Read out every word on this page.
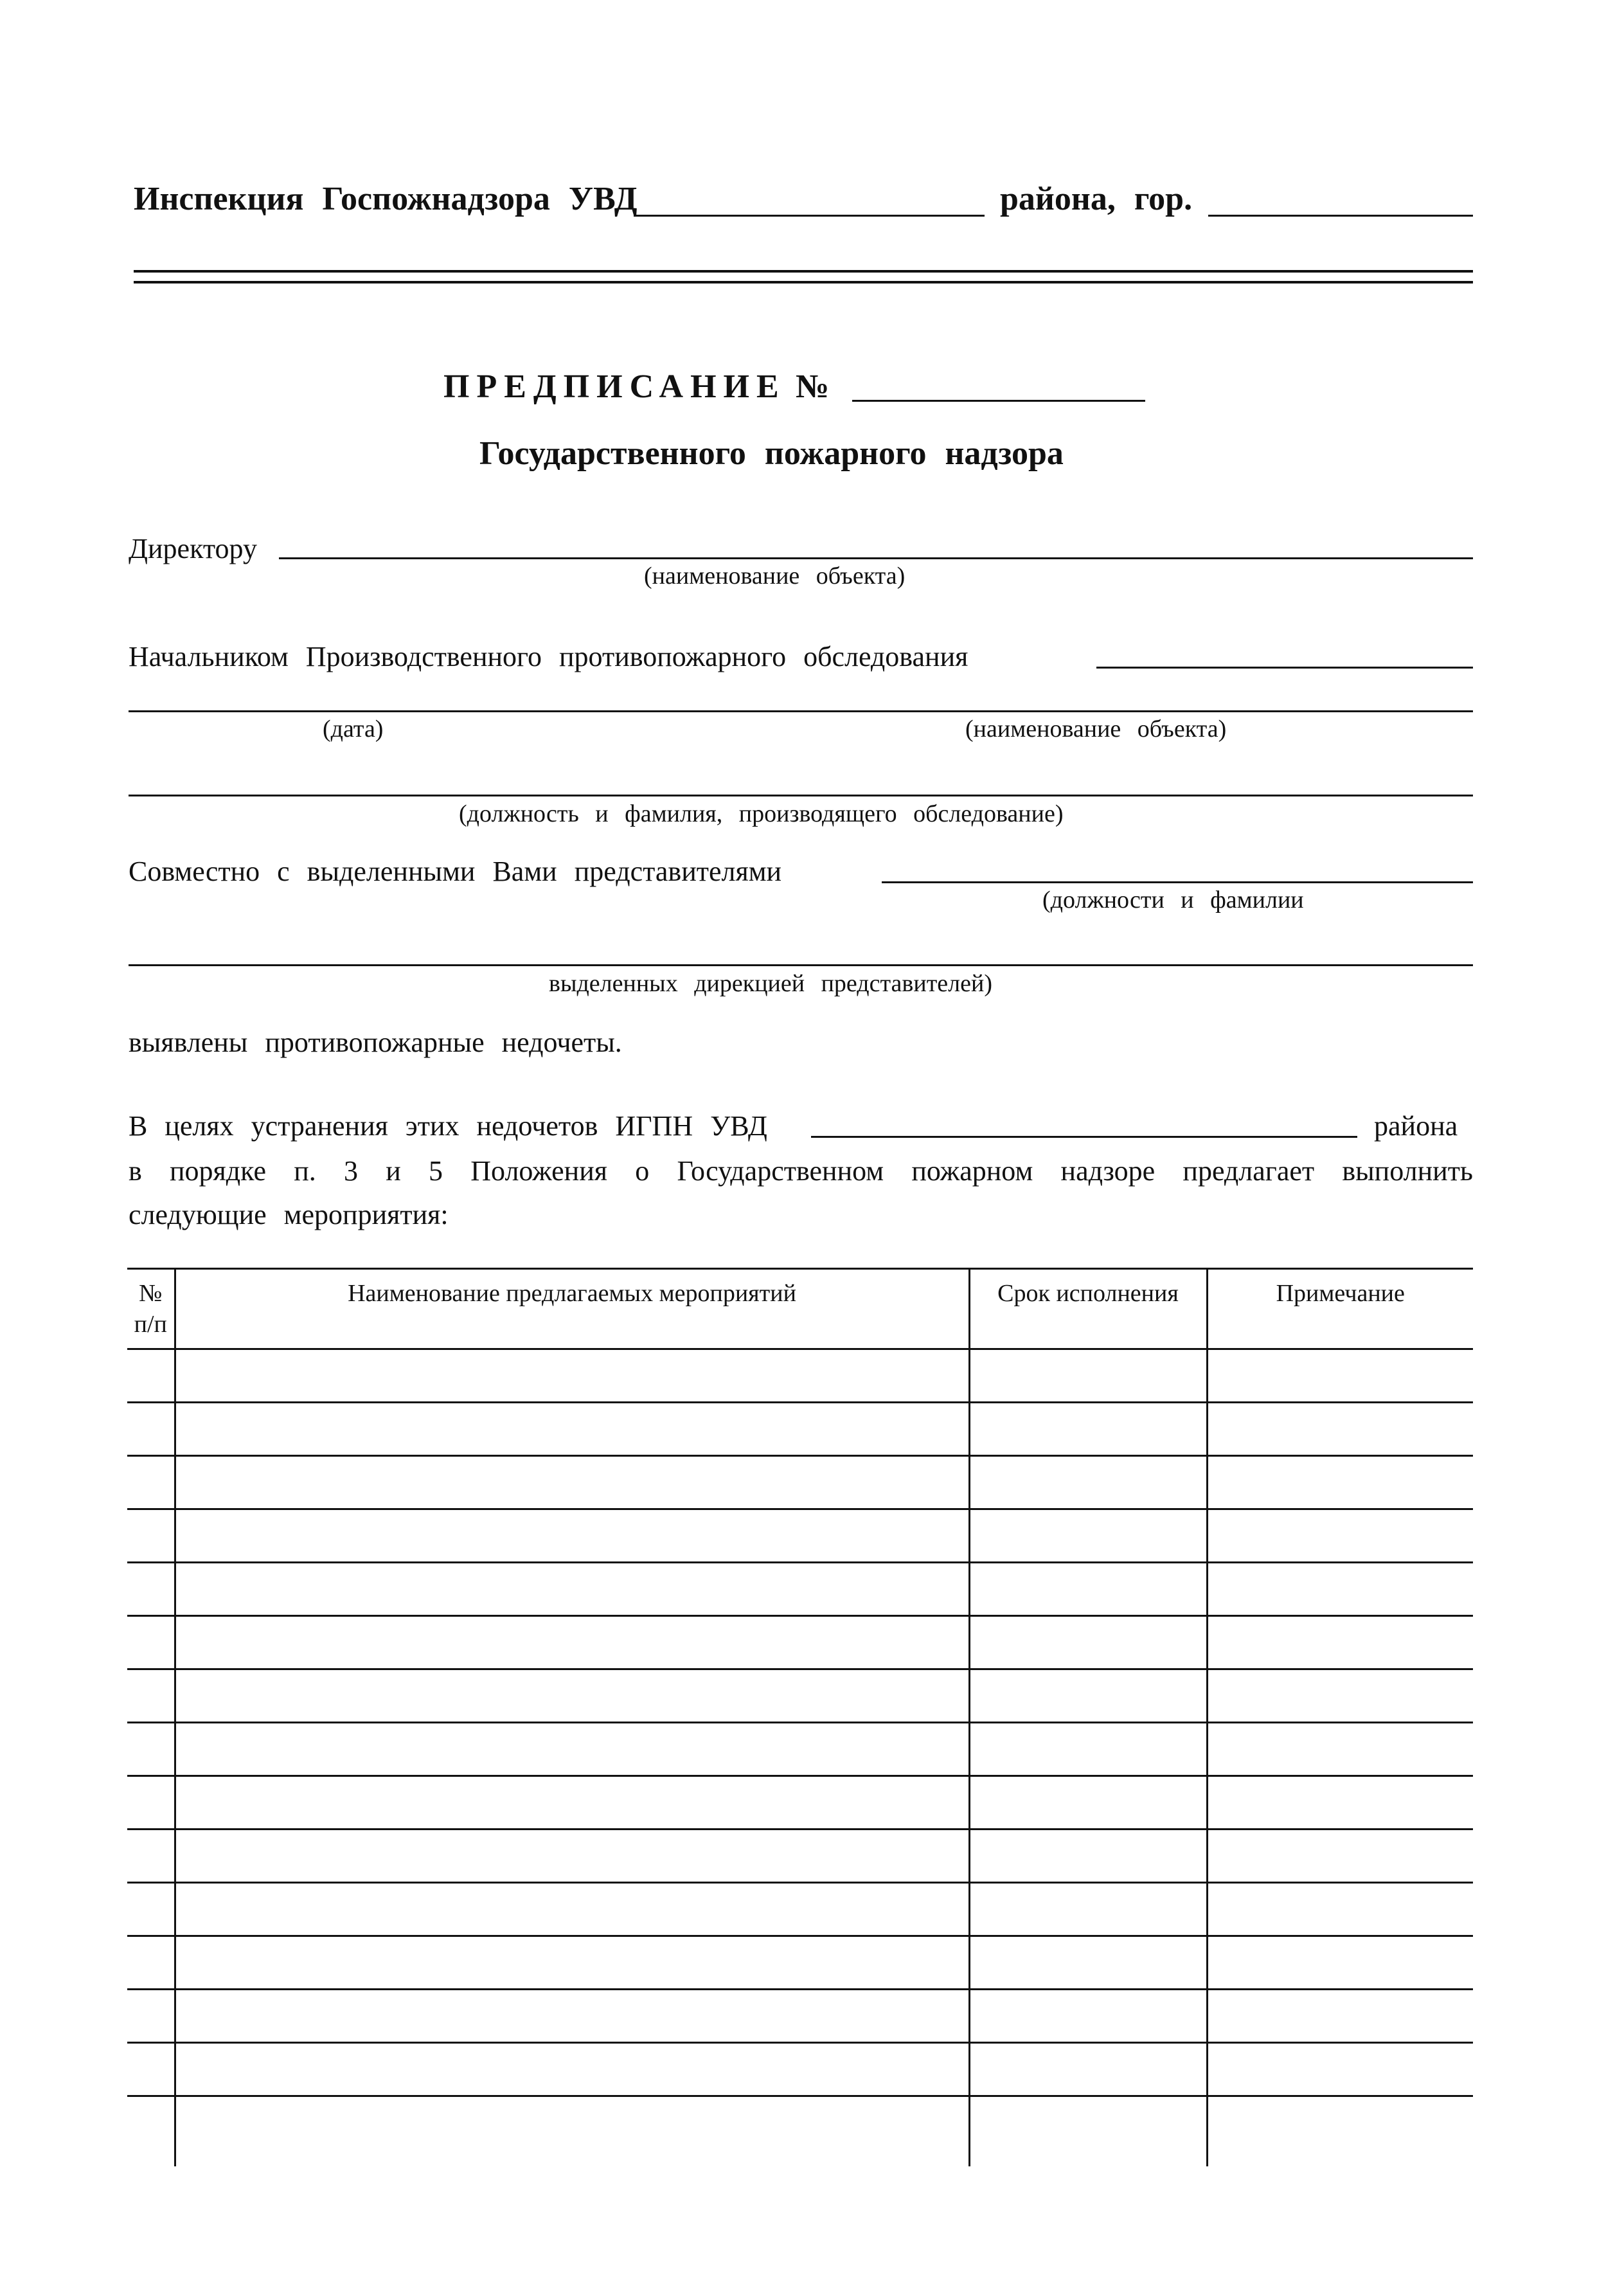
Инспекция Госпожнадзора УВД	района, гор.
ПРЕДПИСАНИЕ №
Государственного пожарного надзора
Директору
(наименование объекта)
Начальником Производственного противопожарного обследования
(дата)	(наименование объекта)
(должность и фамилия, производящего обследование)
Совместно с выделенными Вами представителями
(должности и фамилии
выделенных дирекцией представителей)
выявлены противопожарные недочеты.
В целях устранения этих недочетов ИГПН УВД	района
в порядке п. 3 и 5 Положения о Государственном пожарном надзоре предлагает выполнить
следующие мероприятия:
№
п/п	Наименование предлагаемых мероприятий	Срок исполнения	Примечание
